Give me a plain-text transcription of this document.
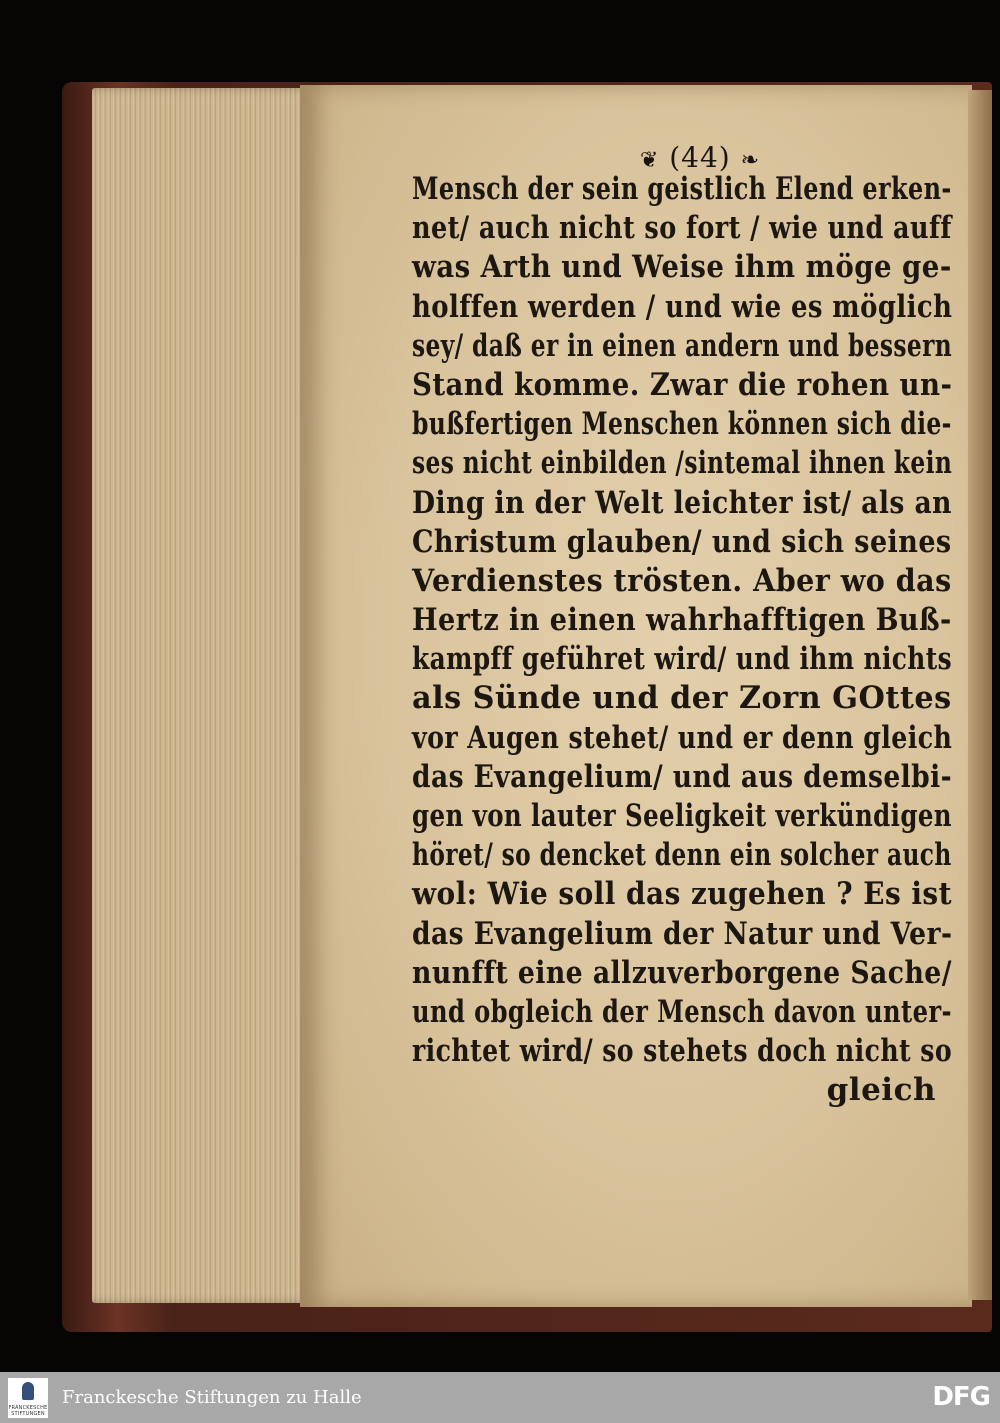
❦ (44) ❧
Mensch der sein geistlich Elend erken-
net/ auch nicht so fort / wie und auff
was Arth und Weise ihm möge ge-
holffen werden / und wie es möglich
sey/ daß er in einen andern und bessern
Stand komme. Zwar die rohen un-
bußfertigen Menschen können sich die-
ses nicht einbilden /sintemal ihnen kein
Ding in der Welt leichter ist/ als an
Christum glauben/ und sich seines
Verdienstes trösten. Aber wo das
Hertz in einen wahrhafftigen Buß-
kampff geführet wird/ und ihm nichts
als Sünde und der Zorn GOttes
vor Augen stehet/ und er denn gleich
das Evangelium/ und aus demselbi-
gen von lauter Seeligkeit verkündigen
höret/ so dencket denn ein solcher auch
wol: Wie soll das zugehen ? Es ist
das Evangelium der Natur und Ver-
nunfft eine allzuverborgene Sache/
und obgleich der Mensch davon unter-
richtet wird/ so stehets doch nicht so
gleich
FRANCKESCHE STIFTUNGEN
Franckesche Stiftungen zu Halle	DFG
